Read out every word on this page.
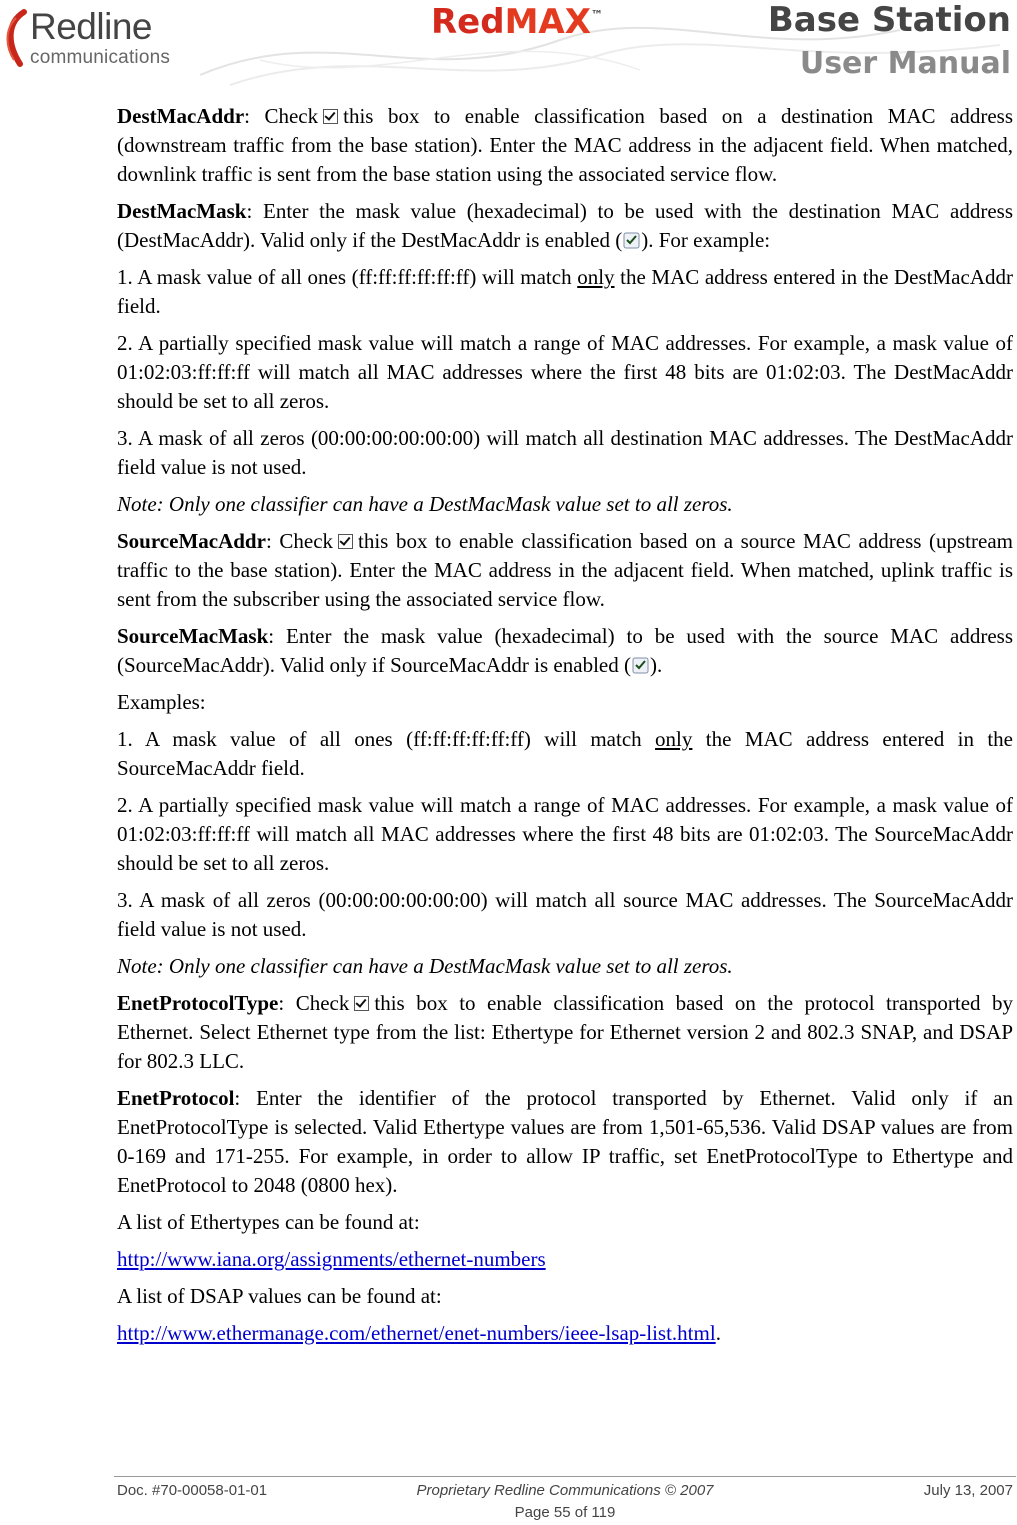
Redline
communications
RedMAX™	Base Station
User Manual

DestMacAddr: Check this box to enable classification based on a destination MAC address (downstream traffic from the base station). Enter the MAC address in the adjacent field. When matched, downlink traffic is sent from the base station using the associated service flow.

DestMacMask: Enter the mask value (hexadecimal) to be used with the destination MAC address (DestMacAddr). Valid only if the DestMacAddr is enabled ( ). For example:

1. A mask value of all ones (ff:ff:ff:ff:ff:ff) will match only the MAC address entered in the DestMacAddr field.

2. A partially specified mask value will match a range of MAC addresses. For example, a mask value of 01:02:03:ff:ff:ff will match all MAC addresses where the first 48 bits are 01:02:03. The DestMacAddr should be set to all zeros.

3. A mask of all zeros (00:00:00:00:00:00) will match all destination MAC addresses. The DestMacAddr field value is not used.

Note: Only one classifier can have a DestMacMask value set to all zeros.

SourceMacAddr: Check this box to enable classification based on a source MAC address (upstream traffic to the base station). Enter the MAC address in the adjacent field. When matched, uplink traffic is sent from the subscriber using the associated service flow.

SourceMacMask: Enter the mask value (hexadecimal) to be used with the source MAC address (SourceMacAddr). Valid only if SourceMacAddr is enabled ( ).

Examples:

1. A mask value of all ones (ff:ff:ff:ff:ff:ff) will match only the MAC address entered in the SourceMacAddr field.

2. A partially specified mask value will match a range of MAC addresses. For example, a mask value of 01:02:03:ff:ff:ff will match all MAC addresses where the first 48 bits are 01:02:03. The SourceMacAddr should be set to all zeros.

3. A mask of all zeros (00:00:00:00:00:00) will match all source MAC addresses. The SourceMacAddr field value is not used.

Note: Only one classifier can have a DestMacMask value set to all zeros.

EnetProtocolType: Check this box to enable classification based on the protocol transported by Ethernet. Select Ethernet type from the list: Ethertype for Ethernet version 2 and 802.3 SNAP, and DSAP for 802.3 LLC.

EnetProtocol: Enter the identifier of the protocol transported by Ethernet. Valid only if an EnetProtocolType is selected. Valid Ethertype values are from 1,501-65,536. Valid DSAP values are from 0-169 and 171-255. For example, in order to allow IP traffic, set EnetProtocolType to Ethertype and EnetProtocol to 2048 (0800 hex).

A list of Ethertypes can be found at:

http://www.iana.org/assignments/ethernet-numbers

A list of DSAP values can be found at:

http://www.ethermanage.com/ethernet/enet-numbers/ieee-lsap-list.html.

Doc. #70-00058-01-01	Proprietary Redline Communications © 2007	July 13, 2007
Page 55 of 119
